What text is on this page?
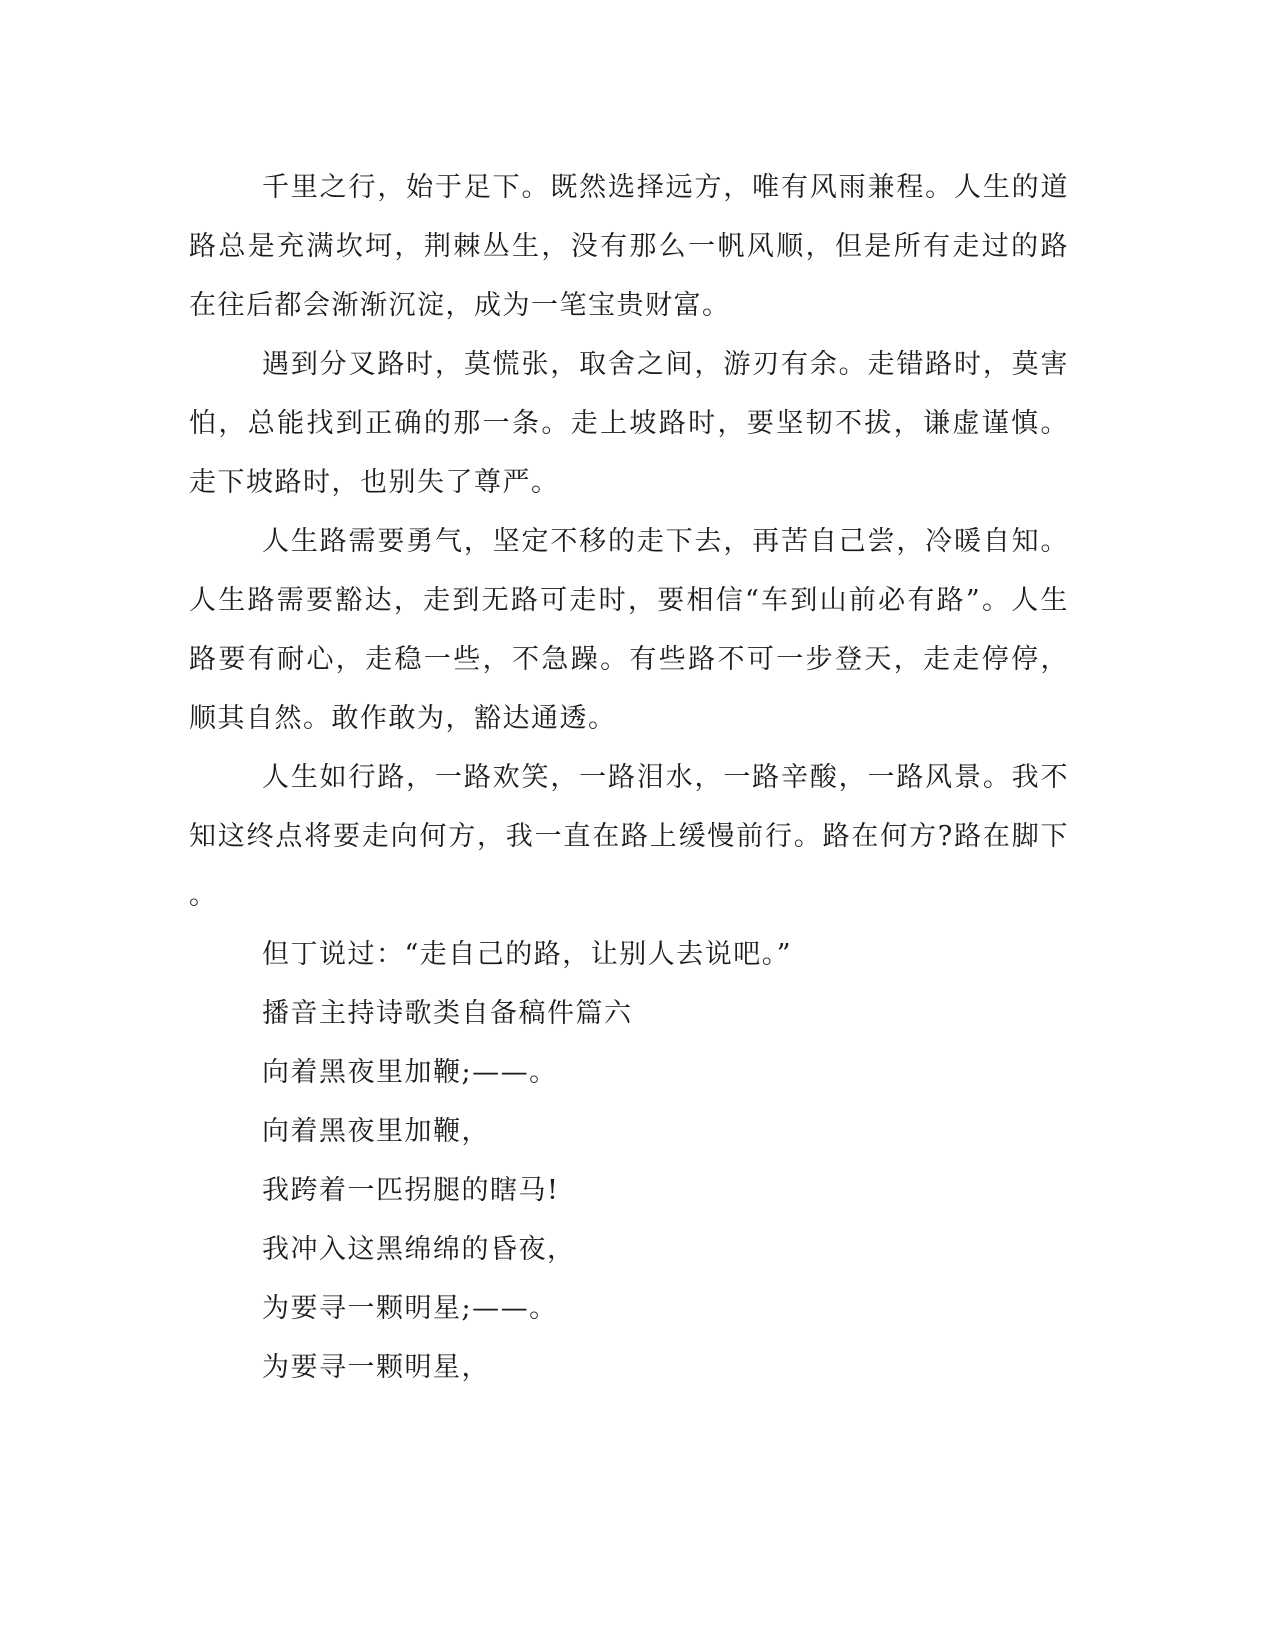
千里之行，始于足下。既然选择远方，唯有风雨兼程。人生的道
路总是充满坎坷，荆棘丛生，没有那么一帆风顺，但是所有走过的路
在往后都会渐渐沉淀，成为一笔宝贵财富。
遇到分叉路时，莫慌张，取舍之间，游刃有余。走错路时，莫害
怕，总能找到正确的那一条。走上坡路时，要坚韧不拔，谦虚谨慎。
走下坡路时，也别失了尊严。
人生路需要勇气，坚定不移的走下去，再苦自己尝，冷暖自知。
人生路需要豁达，走到无路可走时，要相信“车到山前必有路”。人生
路要有耐心，走稳一些，不急躁。有些路不可一步登天，走走停停，
顺其自然。敢作敢为，豁达通透。
人生如行路，一路欢笑，一路泪水，一路辛酸，一路风景。我不
知这终点将要走向何方，我一直在路上缓慢前行。路在何方?路在脚下
。
但丁说过：“走自己的路，让别人去说吧。”
播音主持诗歌类自备稿件篇六
向着黑夜里加鞭;——。
向着黑夜里加鞭，
我跨着一匹拐腿的瞎马!
我冲入这黑绵绵的昏夜，
为要寻一颗明星;——。
为要寻一颗明星，
